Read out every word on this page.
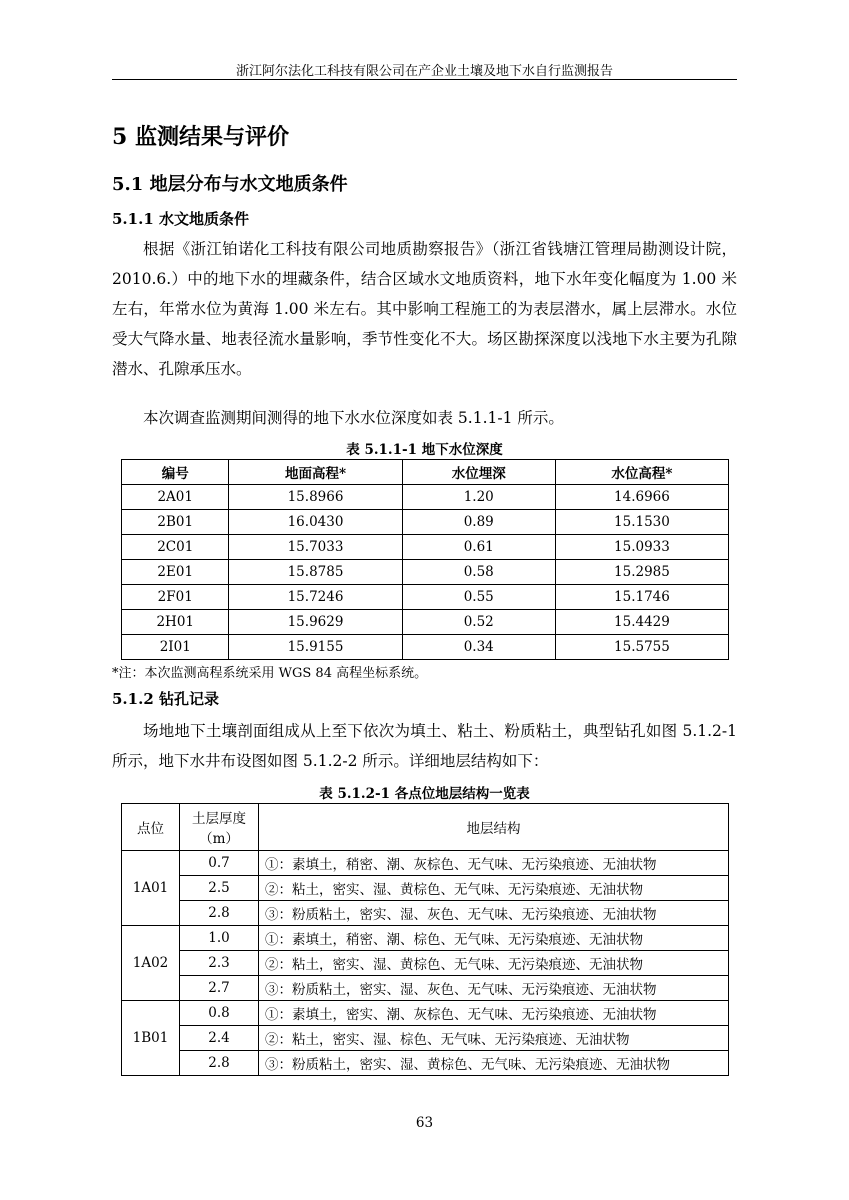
浙江阿尔法化工科技有限公司在产企业土壤及地下水自行监测报告
5 监测结果与评价
5.1 地层分布与水文地质条件
5.1.1 水文地质条件

根据《浙江铂诺化工科技有限公司地质勘察报告》（浙江省钱塘江管理局勘测设计院，2010.6.）中的地下水的埋藏条件，结合区域水文地质资料，地下水年变化幅度为 1.00 米左右，年常水位为黄海 1.00 米左右。其中影响工程施工的为表层潜水，属上层滞水。水位受大气降水量、地表径流水量影响，季节性变化不大。场区勘探深度以浅地下水主要为孔隙潜水、孔隙承压水。

本次调查监测期间测得的地下水水位深度如表 5.1.1-1 所示。

表 5.1.1-1 地下水位深度
编号	地面高程*	水位埋深	水位高程*
2A01	15.8966	1.20	14.6966
2B01	16.0430	0.89	15.1530
2C01	15.7033	0.61	15.0933
2E01	15.8785	0.58	15.2985
2F01	15.7246	0.55	15.1746
2H01	15.9629	0.52	15.4429
2I01	15.9155	0.34	15.5755
*注：本次监测高程系统采用 WGS 84 高程坐标系统。
5.1.2 钻孔记录

场地地下土壤剖面组成从上至下依次为填土、粘土、粉质粘土，典型钻孔如图 5.1.2-1 所示，地下水井布设图如图 5.1.2-2 所示。详细地层结构如下：

表 5.1.2-1 各点位地层结构一览表
点位	土层厚度（m）	地层结构
1A01	0.7	①：素填土，稍密、潮、灰棕色、无气味、无污染痕迹、无油状物
	2.5	②：粘土，密实、湿、黄棕色、无气味、无污染痕迹、无油状物
	2.8	③：粉质粘土，密实、湿、灰色、无气味、无污染痕迹、无油状物
1A02	1.0	①：素填土，稍密、潮、棕色、无气味、无污染痕迹、无油状物
	2.3	②：粘土，密实、湿、黄棕色、无气味、无污染痕迹、无油状物
	2.7	③：粉质粘土，密实、湿、灰色、无气味、无污染痕迹、无油状物
1B01	0.8	①：素填土，密实、潮、灰棕色、无气味、无污染痕迹、无油状物
	2.4	②：粘土，密实、湿、棕色、无气味、无污染痕迹、无油状物
	2.8	③：粉质粘土，密实、湿、黄棕色、无气味、无污染痕迹、无油状物
63
